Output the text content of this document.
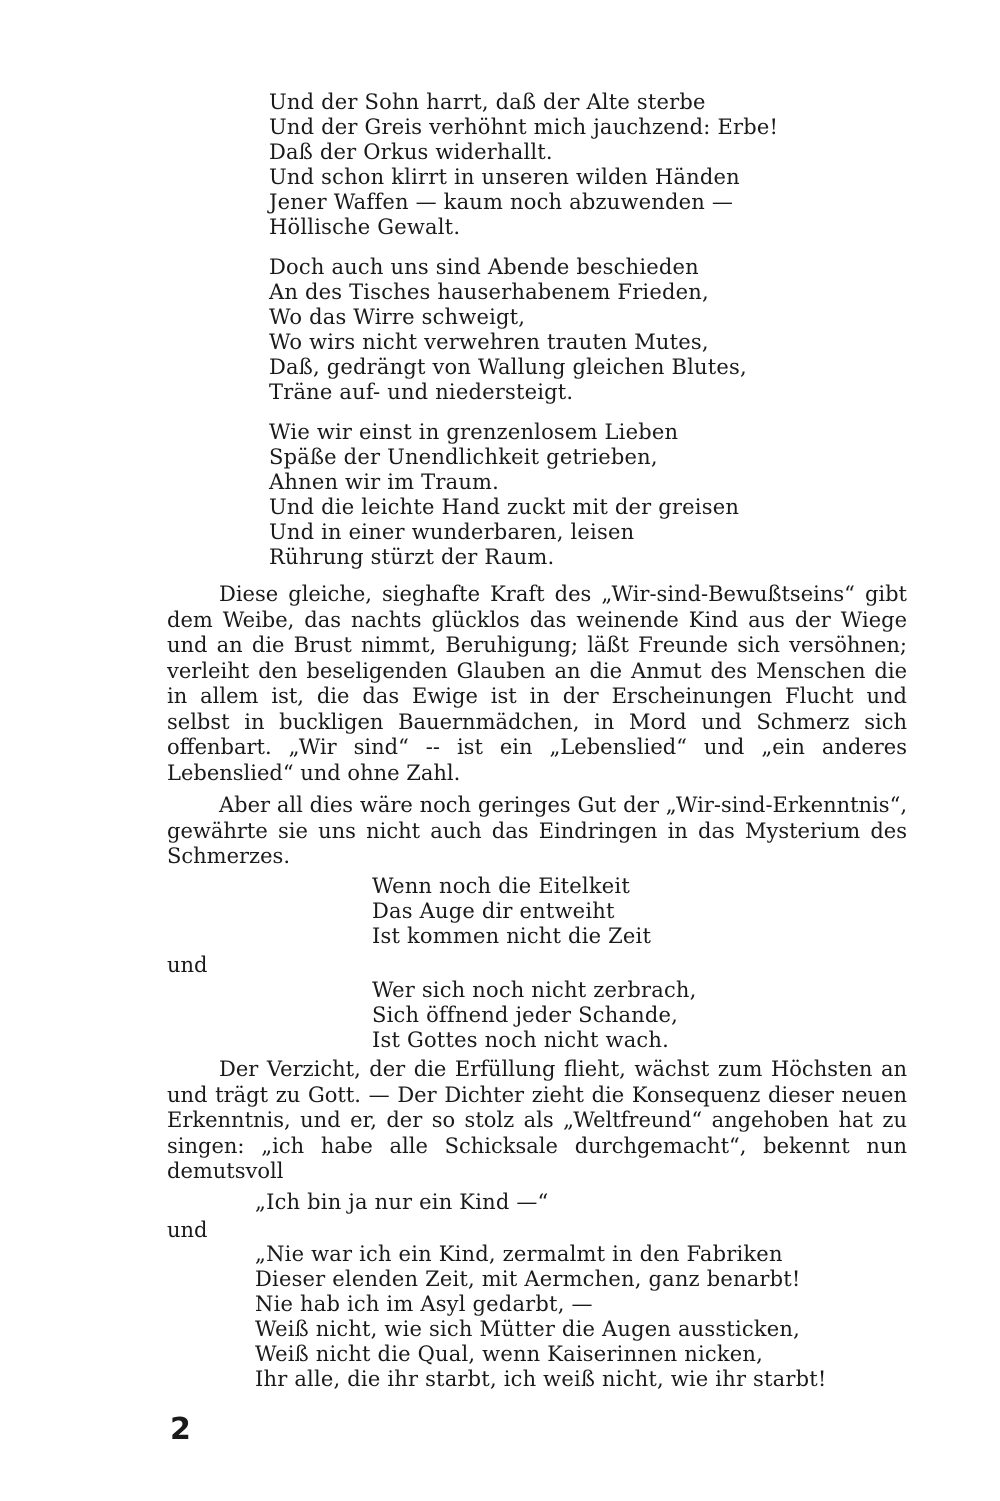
Und der Sohn harrt, daß der Alte sterbe
Und der Greis verhöhnt mich jauchzend: Erbe!
Daß der Orkus widerhallt.
Und schon klirrt in unseren wilden Händen
Jener Waffen — kaum noch abzuwenden —
Höllische Gewalt.
Doch auch uns sind Abende beschieden
An des Tisches hauserhabenem Frieden,
Wo das Wirre schweigt,
Wo wirs nicht verwehren trauten Mutes,
Daß, gedrängt von Wallung gleichen Blutes,
Träne auf- und niedersteigt.
Wie wir einst in grenzenlosem Lieben
Späße der Unendlichkeit getrieben,
Ahnen wir im Traum.
Und die leichte Hand zuckt mit der greisen
Und in einer wunderbaren, leisen
Rührung stürzt der Raum.

Diese gleiche, sieghafte Kraft des „Wir-sind-Bewußtseins“ gibt dem Weibe, das nachts glücklos das weinende Kind aus der Wiege und an die Brust nimmt, Beruhigung; läßt Freunde sich versöhnen; verleiht den beseligenden Glauben an die Anmut des Menschen die in allem ist, die das Ewige ist in der Erscheinungen Flucht und selbst in buckligen Bauernmädchen, in Mord und Schmerz sich offenbart. „Wir sind“ -- ist ein „Lebenslied“ und „ein anderes Lebenslied“ und ohne Zahl.

Aber all dies wäre noch geringes Gut der „Wir-sind-Erkenntnis“, gewährte sie uns nicht auch das Eindringen in das Mysterium des Schmerzes.

Wenn noch die Eitelkeit
Das Auge dir entweiht
Ist kommen nicht die Zeit
und
Wer sich noch nicht zerbrach,
Sich öffnend jeder Schande,
Ist Gottes noch nicht wach.

Der Verzicht, der die Erfüllung flieht, wächst zum Höchsten an und trägt zu Gott. — Der Dichter zieht die Konsequenz dieser neuen Erkenntnis, und er, der so stolz als „Weltfreund“ angehoben hat zu singen: „ich habe alle Schicksale durchgemacht“, bekennt nun demutsvoll

„Ich bin ja nur ein Kind —“
und
„Nie war ich ein Kind, zermalmt in den Fabriken
Dieser elenden Zeit, mit Aermchen, ganz benarbt!
Nie hab ich im Asyl gedarbt, —
Weiß nicht, wie sich Mütter die Augen ausstiсken,
Weiß nicht die Qual, wenn Kaiserinnen nicken,
Ihr alle, die ihr starbt, ich weiß nicht, wie ihr starbt!
2
